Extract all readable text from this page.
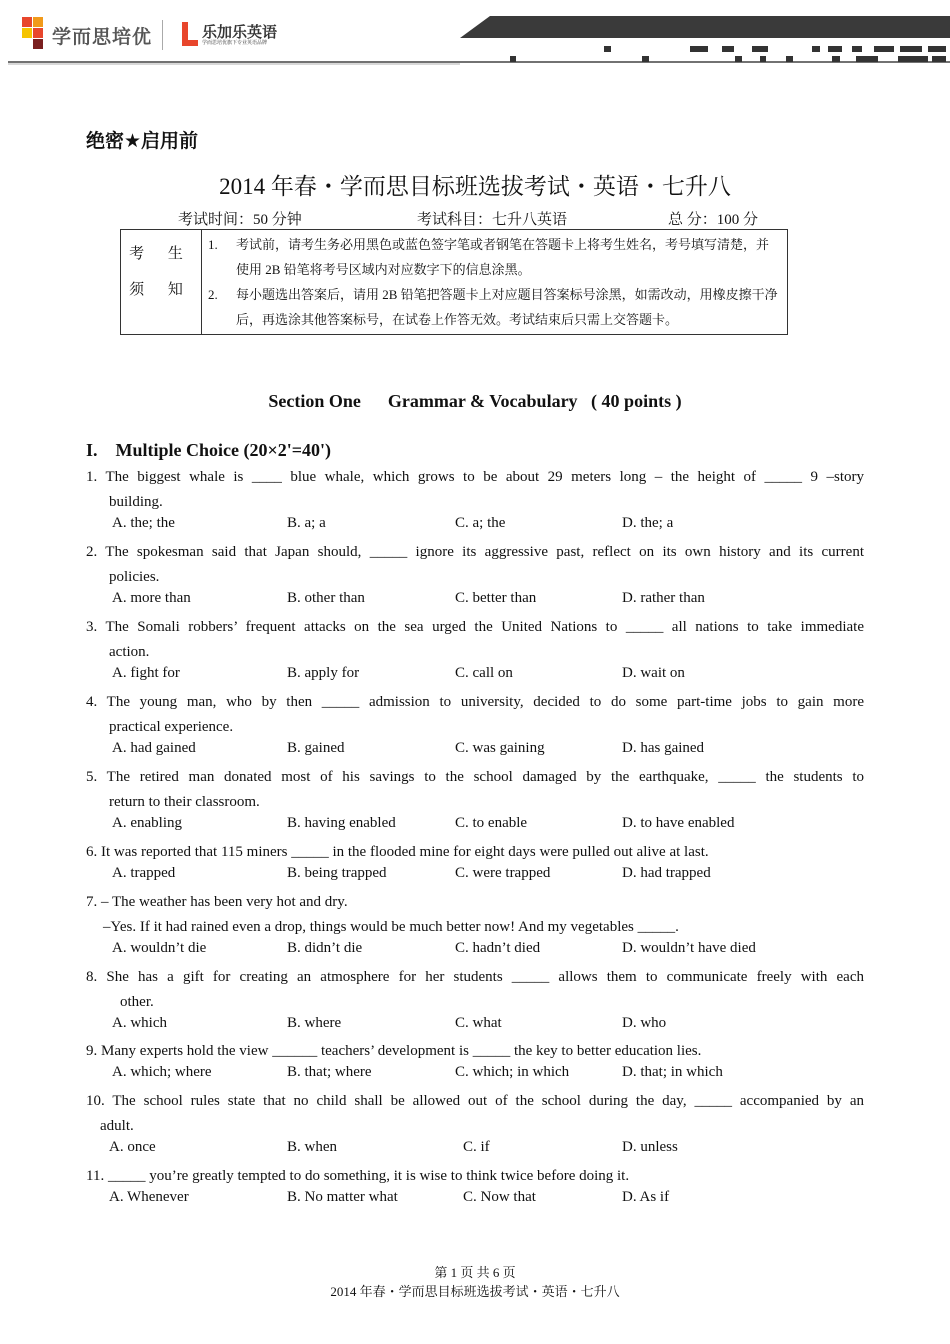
学而思培优	乐加乐英语
学而思培优旗下专业英语品牌
绝密★启用前
2014 年春・学而思目标班选拔考试・英语・七升八
考试时间：50 分钟	考试科目：七升八英语	总 分：100 分
考 生
须 知

1.	考试前，请考生务必用黑色或蓝色签字笔或者钢笔在答题卡上将考生姓名，考号填写清楚，并使用 2B 铅笔将考号区域内对应数字下的信息涂黑。
2.	每小题选出答案后，请用 2B 铅笔把答题卡上对应题目答案标号涂黑，如需改动，用橡皮擦干净后，再选涂其他答案标号，在试卷上作答无效。考试结束后只需上交答题卡。
Section One      Grammar & Vocabulary   ( 40 points )
I.    Multiple Choice (20×2'=40')
1. The biggest whale is ____ blue whale, which grows to be about 29 meters long – the height of _____ 9 –story
building.
A. the; the	B. a; a	C. a; the	D. the; a
2. The spokesman said that Japan should, _____ ignore its aggressive past, reflect on its own history and its current
policies.
A. more than	B. other than	C. better than	D. rather than
3. The Somali robbers’ frequent attacks on the sea urged the United Nations to _____ all nations to take immediate
action.
A. fight for	B. apply for	C. call on	D. wait on
4. The young man, who by then _____ admission to university, decided to do some part-time jobs to gain more
practical experience.
A. had gained	B. gained	C. was gaining	D. has gained
5. The retired man donated most of his savings to the school damaged by the earthquake, _____ the students to
return to their classroom.
A. enabling	B. having enabled	C. to enable	D. to have enabled
6. It was reported that 115 miners _____ in the flooded mine for eight days were pulled out alive at last.
A. trapped	B. being trapped	C. were trapped	D. had trapped
7. – The weather has been very hot and dry.
–Yes. If it had rained even a drop, things would be much better now! And my vegetables _____.
A. wouldn’t die	B. didn’t die	C. hadn’t died	D. wouldn’t have died
8. She has a gift for creating an atmosphere for her students _____ allows them to communicate freely with each
other.
A. which	B. where	C. what	D. who
9. Many experts hold the view ______ teachers’ development is _____ the key to better education lies.
A. which; where	B. that; where	C. which; in which	D. that; in which
10. The school rules state that no child shall be allowed out of the school during the day, _____ accompanied by an
adult.
A. once	B. when	C. if	D. unless
11. _____ you’re greatly tempted to do something, it is wise to think twice before doing it.
A. Whenever	B. No matter what	C. Now that	D. As if
第 1 页 共 6 页
2014 年春・学而思目标班选拔考试・英语・七升八
